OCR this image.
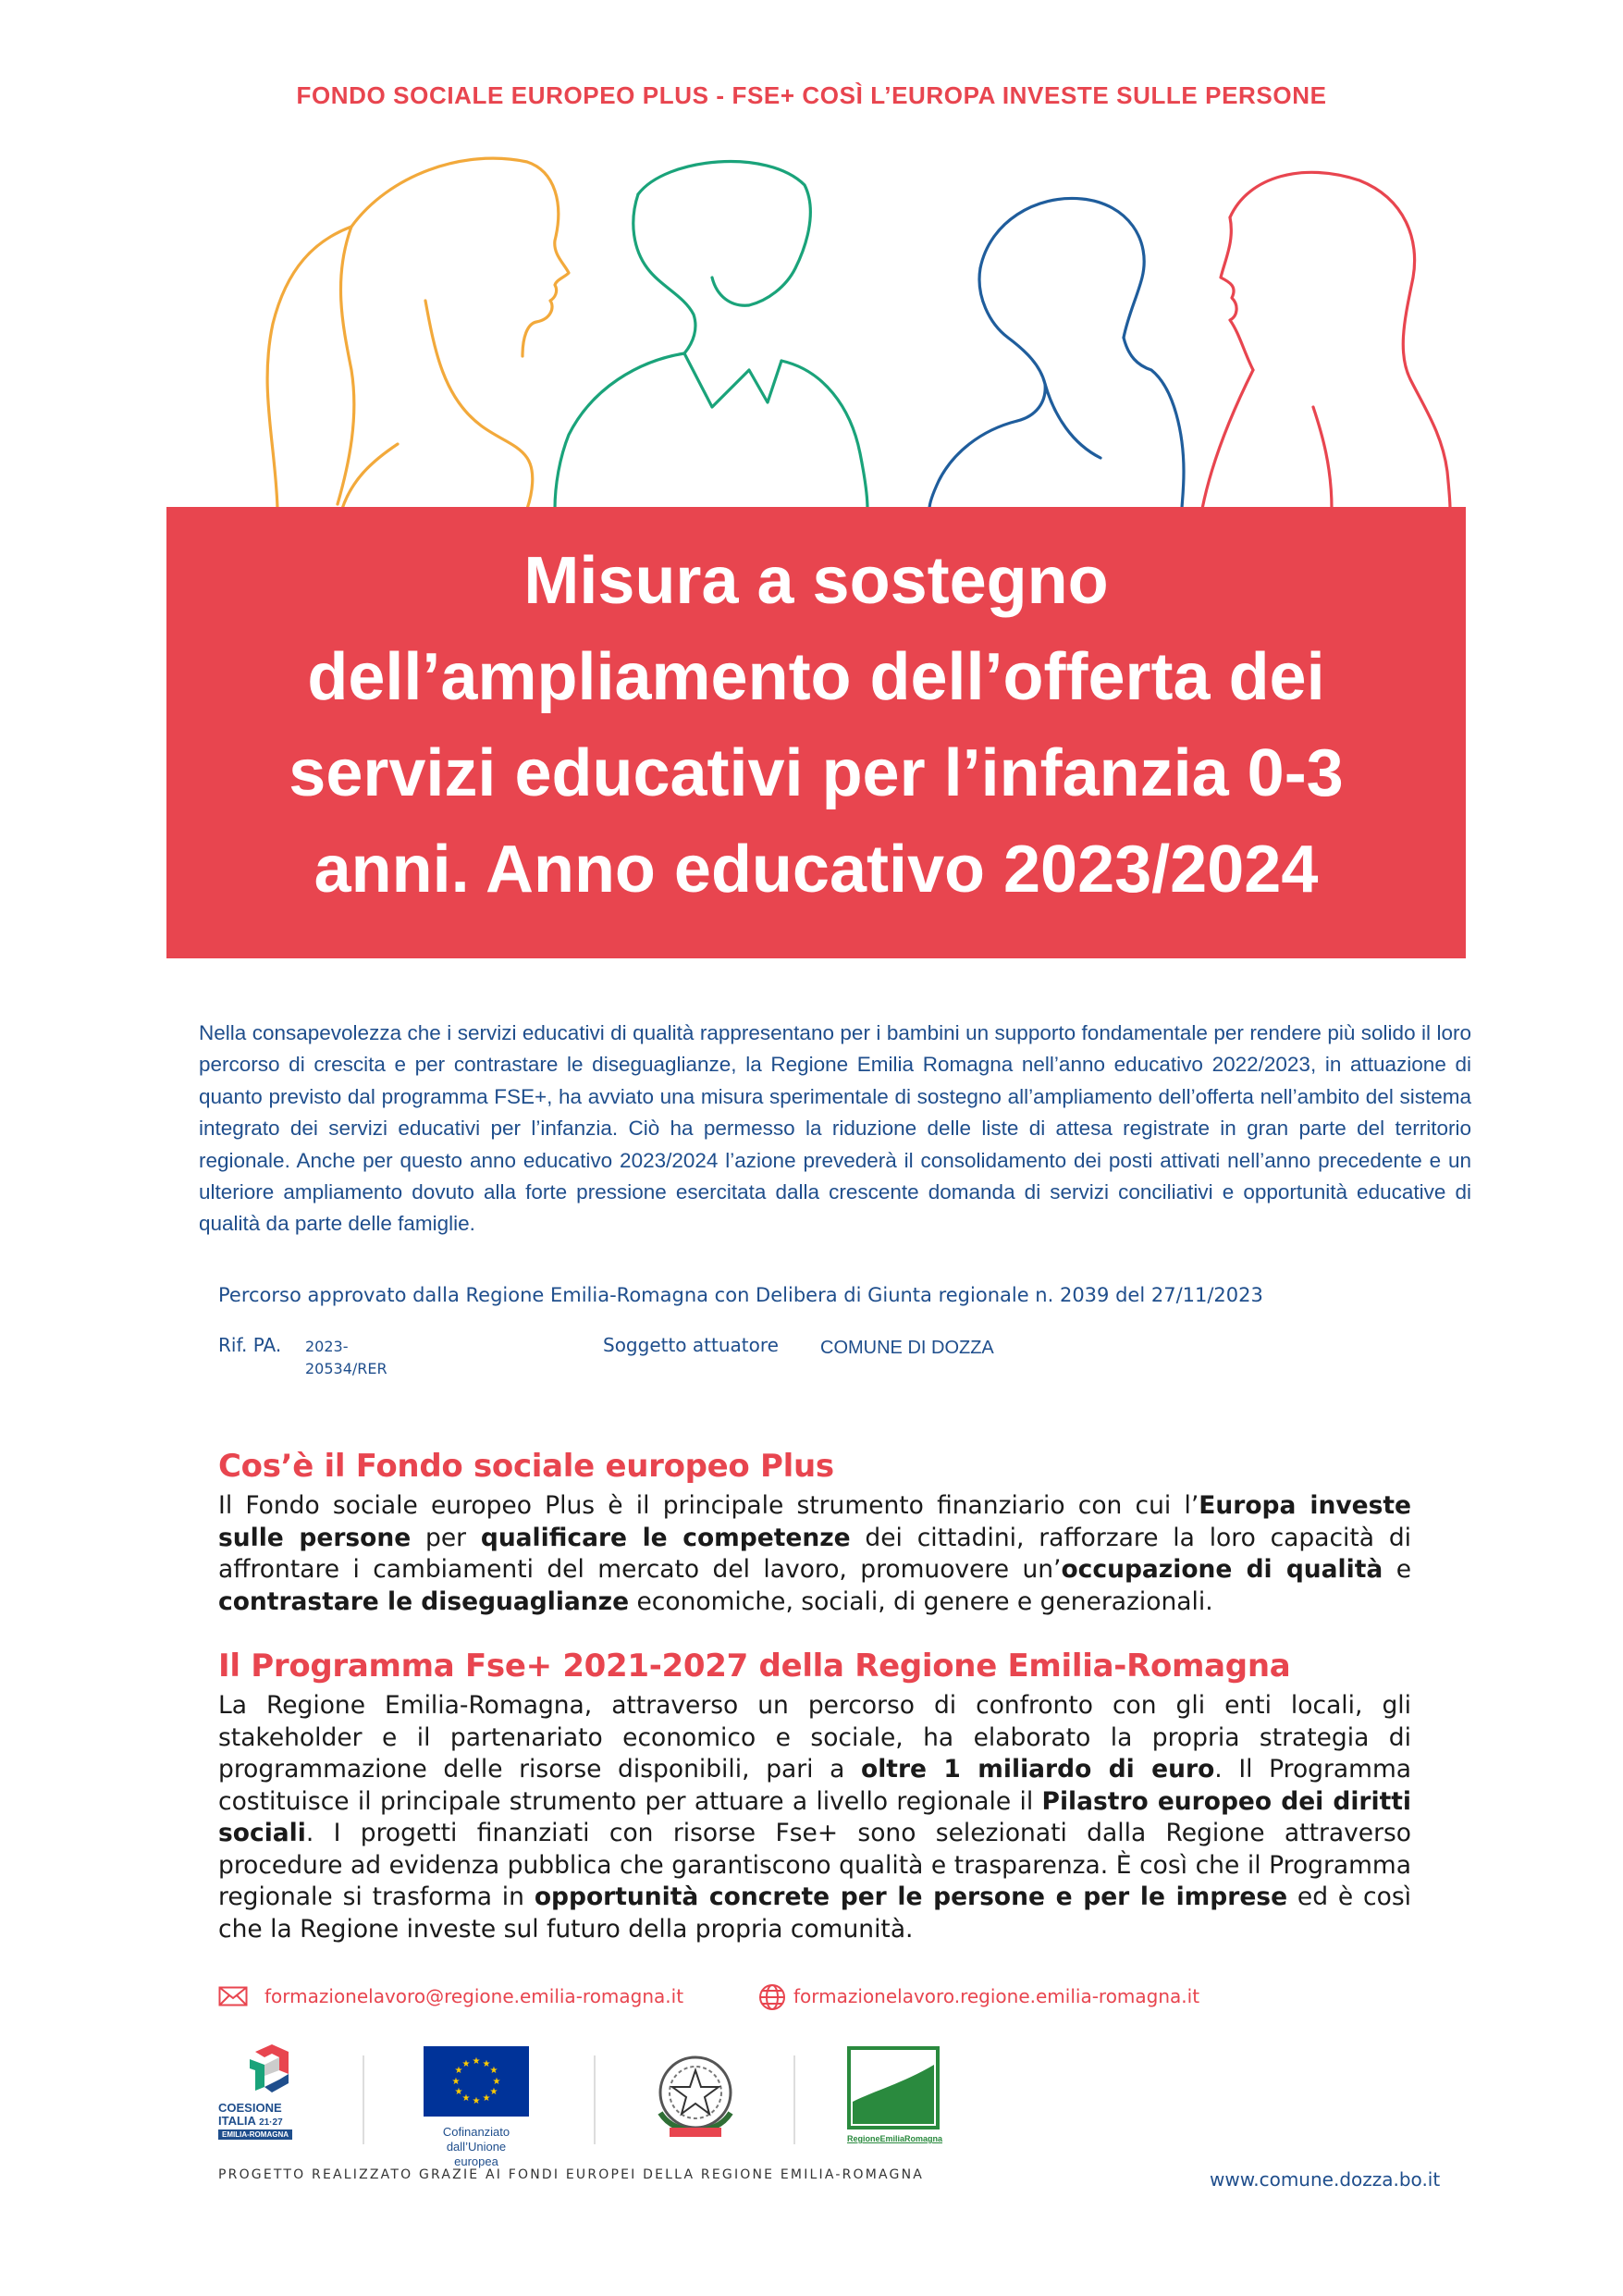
FONDO SOCIALE EUROPEO PLUS - FSE+ COSÌ L’EUROPA INVESTE SULLE PERSONE
Misura a sostegno
dell’ampliamento dell’offerta dei
servizi educativi per l’infanzia 0-3
anni. Anno educativo 2023/2024
Nella consapevolezza che i servizi educativi di qualità rappresentano per i bambini un supporto fondamentale per rendere più solido il loro percorso di crescita e per contrastare le diseguaglianze, la Regione Emilia Romagna nell’anno educativo 2022/2023, in attuazione di quanto previsto dal programma FSE+, ha avviato una misura sperimentale di sostegno all’ampliamento dell’offerta nell’ambito del sistema integrato dei servizi educativi per l’infanzia. Ciò ha permesso la riduzione delle liste di attesa registrate in gran parte del territorio regionale. Anche per questo anno educativo 2023/2024 l’azione prevederà il consolidamento dei posti attivati nell’anno precedente e un ulteriore ampliamento dovuto alla forte pressione esercitata dalla crescente domanda di servizi conciliativi e opportunità educative di qualità da parte delle famiglie.
Percorso approvato dalla Regione Emilia-Romagna con Delibera di Giunta regionale n. 2039 del 27/11/2023
Rif. PA. 2023-
20534/RER
Soggetto attuatore COMUNE DI DOZZA
Cos’è il Fondo sociale europeo Plus
Il Fondo sociale europeo Plus è il principale strumento finanziario con cui l’Europa investe sulle persone per qualificare le competenze dei cittadini, rafforzare la loro capacità di affrontare i cambiamenti del mercato del lavoro, promuovere un’occupazione di qualità e contrastare le diseguaglianze economiche, sociali, di genere e generazionali.
Il Programma Fse+ 2021-2027 della Regione Emilia-Romagna
La Regione Emilia-Romagna, attraverso un percorso di confronto con gli enti locali, gli stakeholder e il partenariato economico e sociale, ha elaborato la propria strategia di programmazione delle risorse disponibili, pari a oltre 1 miliardo di euro. Il Programma costituisce il principale strumento per attuare a livello regionale il Pilastro europeo dei diritti sociali. I progetti finanziati con risorse Fse+ sono selezionati dalla Regione attraverso procedure ad evidenza pubblica che garantiscono qualità e trasparenza. È così che il Programma regionale si trasforma in opportunità concrete per le persone e per le imprese ed è così che la Regione investe sul futuro della propria comunità.
formazionelavoro@regione.emilia-romagna.it	formazionelavoro.regione.emilia-romagna.it
COESIONE
ITALIA 21·27
EMILIA-ROMAGNA
★ ★
★
★
★
★
★
★
★
★
★
★
Cofinanziato
dall’Unione europea
RegioneEmiliaRomagna
PROGETTO REALIZZATO GRAZIE AI FONDI EUROPEI DELLA REGIONE EMILIA-ROMAGNA	www.comune.dozza.bo.it
